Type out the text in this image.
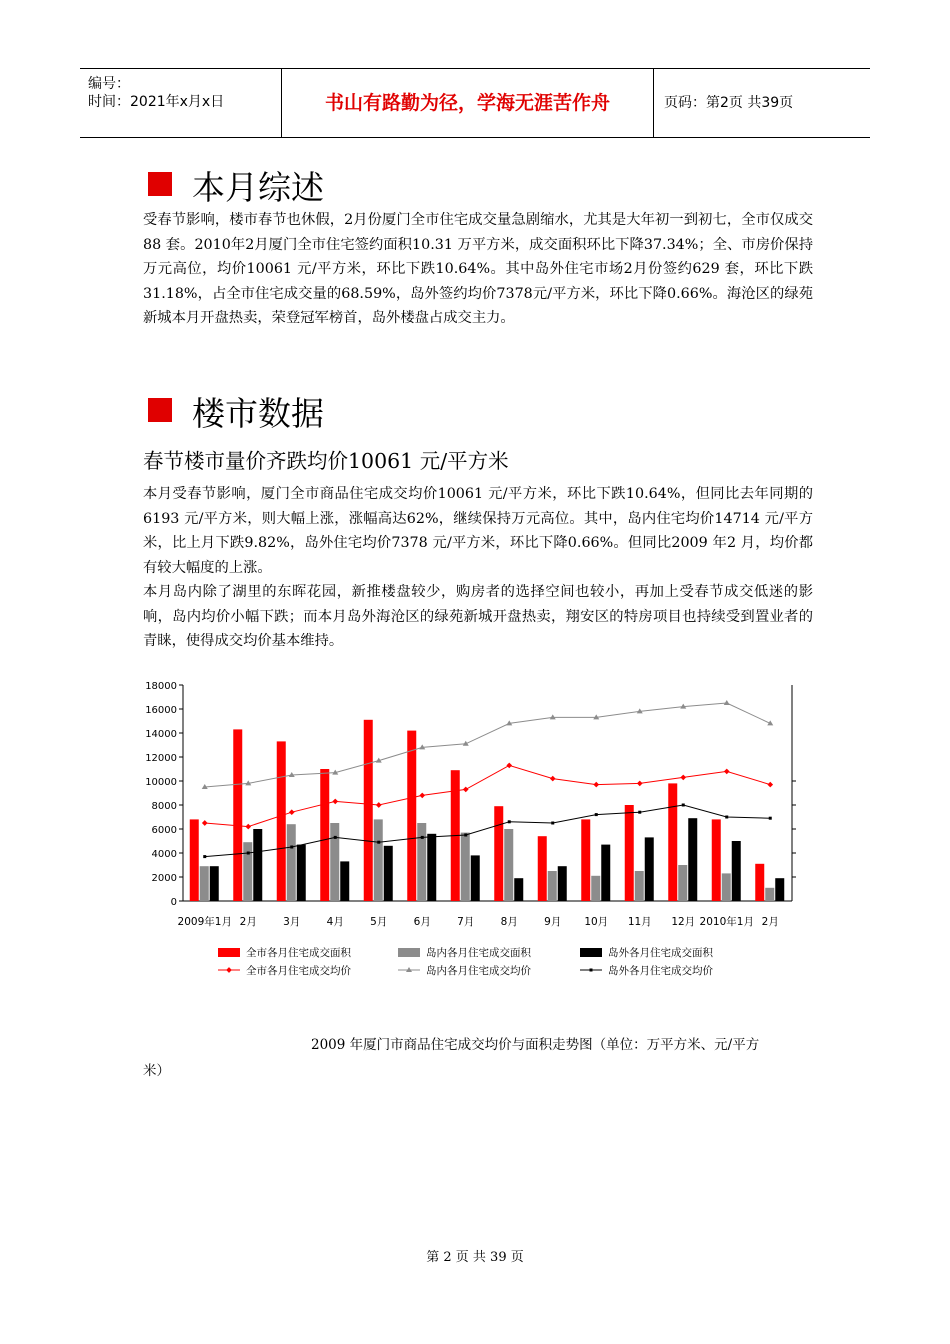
编号：
时间：2021年x月x日	书山有路勤为径，学海无涯苦作舟	页码：第2页 共39页
本月综述

受春节影响，楼市春节也休假，2月份厦门全市住宅成交量急剧缩水，尤其是大年初一到初七，全市仅成交88 套。2010年2月厦门全市住宅签约面积10.31 万平方米，成交面积环比下降37.34%；全、市房价保持万元高位，均价10061 元/平方米，环比下跌10.64%。其中岛外住宅市场2月份签约629 套，环比下跌31.18%，占全市住宅成交量的68.59%，岛外签约均价7378元/平方米，环比下降0.66%。海沧区的绿苑新城本月开盘热卖，荣登冠军榜首，岛外楼盘占成交主力。

楼市数据
春节楼市量价齐跌均价10061 元/平方米

本月受春节影响，厦门全市商品住宅成交均价10061 元/平方米，环比下跌10.64%，但同比去年同期的6193 元/平方米，则大幅上涨，涨幅高达62%，继续保持万元高位。其中，岛内住宅均价14714 元/平方米，比上月下跌9.82%，岛外住宅均价7378 元/平方米，环比下降0.66%。但同比2009 年2 月，均价都有较大幅度的上涨。

本月岛内除了湖里的东晖花园，新推楼盘较少，购房者的选择空间也较小，再加上受春节成交低迷的影响，岛内均价小幅下跌；而本月岛外海沧区的绿苑新城开盘热卖，翔安区的特房项目也持续受到置业者的青睐，使得成交均价基本维持。

0
2000
4000
6000
8000
10000
12000
14000
16000
18000
2009年1月 2月	3月	4月	5月	6月	7月	8月	9月 10月 11月 12月 2010年1月 2月
全市各月住宅成交面积	岛内各月住宅成交面积	岛外各月住宅成交面积
全市各月住宅成交均价	岛内各月住宅成交均价	岛外各月住宅成交均价
2009 年厦门市商品住宅成交均价与面积走势图（单位：万平方米、元/平方
米）
第 2 页 共 39 页
